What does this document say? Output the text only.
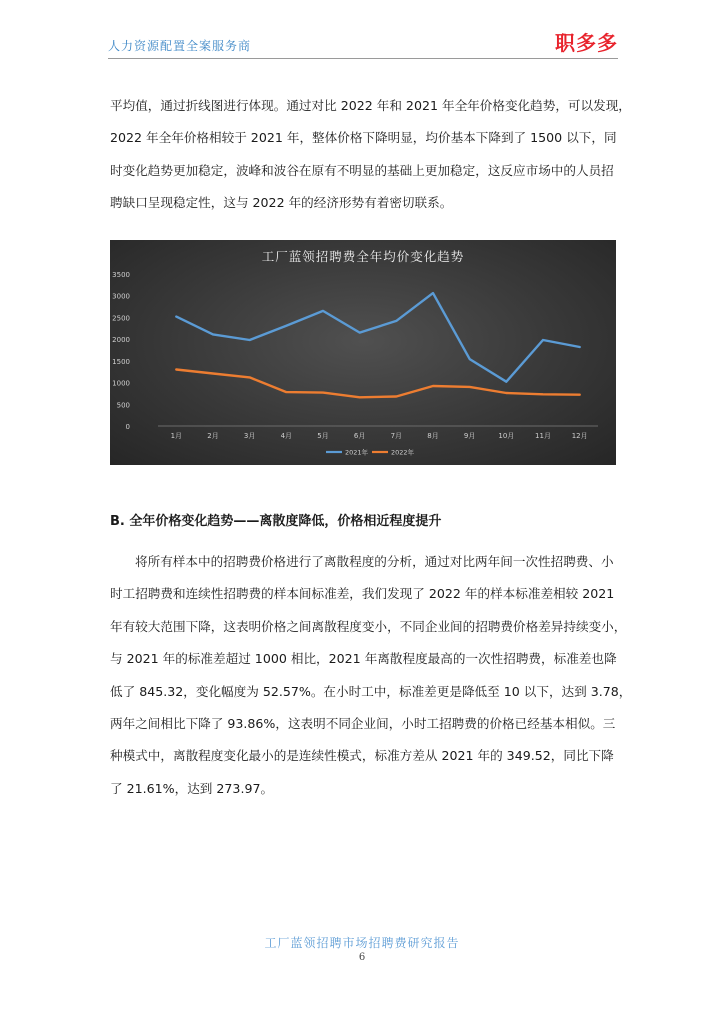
人力资源配置全案服务商	职多多

平均值，通过折线图进行体现。通过对比 2022 年和 2021 年全年价格变化趋势，可以发现，
2022 年全年价格相较于 2021 年，整体价格下降明显，均价基本下降到了 1500 以下，同
时变化趋势更加稳定，波峰和波谷在原有不明显的基础上更加稳定，这反应市场中的人员招
聘缺口呈现稳定性，这与 2022 年的经济形势有着密切联系。

工厂蓝领招聘费全年均价变化趋势
0
500
1000
1500
2000
2500
3000
3500
1月	2月	3月	4月	5月	6月	7月	8月	9月	10月	11月	12月
2021年	2022年

B. 全年价格变化趋势——离散度降低，价格相近程度提升

将所有样本中的招聘费价格进行了离散程度的分析，通过对比两年间一次性招聘费、小
时工招聘费和连续性招聘费的样本间标准差，我们发现了 2022 年的样本标准差相较 2021
年有较大范围下降，这表明价格之间离散程度变小，不同企业间的招聘费价格差异持续变小，
与 2021 年的标准差超过 1000 相比，2021 年离散程度最高的一次性招聘费，标准差也降
低了 845.32，变化幅度为 52.57%。在小时工中，标准差更是降低至 10 以下，达到 3.78，
两年之间相比下降了 93.86%，这表明不同企业间，小时工招聘费的价格已经基本相似。三
种模式中，离散程度变化最小的是连续性模式，标准方差从 2021 年的 349.52，同比下降
了 21.61%，达到 273.97。

工厂蓝领招聘市场招聘费研究报告
6
